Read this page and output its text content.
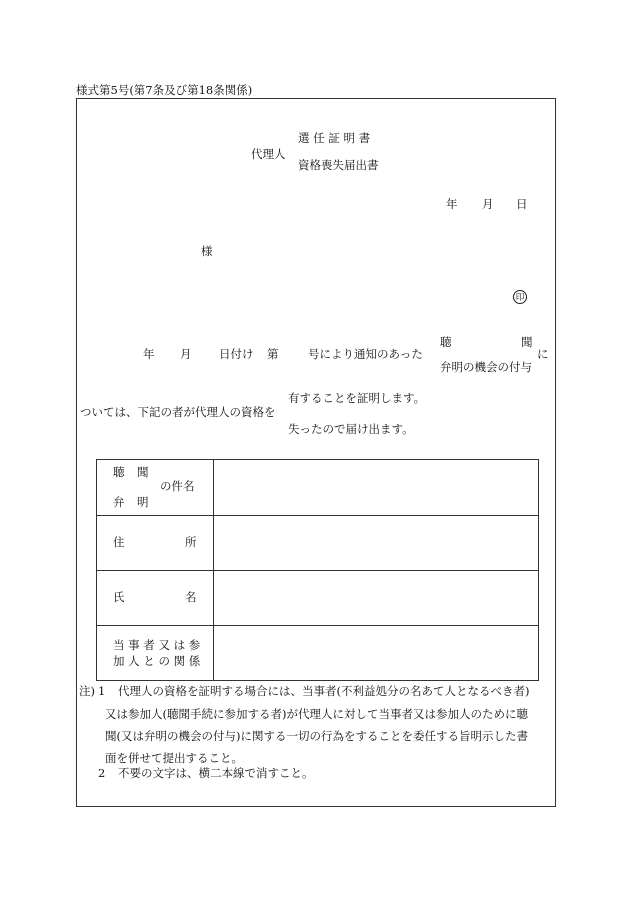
様式第5号(第7条及び第18条関係)
選 任 証 明 書
代理人
資格喪失届出書
年 月 日
様
印
聴	聞
年 月 日付け 第	号により通知のあった	に
弁明の機会の付与
有することを証明します。
ついては、下記の者が代理人の資格を
失ったので届け出ます。
聴 聞
の件名
弁 明	

住 所	

氏 名	

当 事 者 又 は 参
加 人 と の 関 係	

注) 1 代理人の資格を証明する場合には、当事者(不利益処分の名あて人となるべき者)
又は参加人(聴聞手続に参加する者)が代理人に対して当事者又は参加人のために聴
聞(又は弁明の機会の付与)に関する一切の行為をすることを委任する旨明示した書
面を併せて提出すること。
2 不要の文字は、横二本線で消すこと。
